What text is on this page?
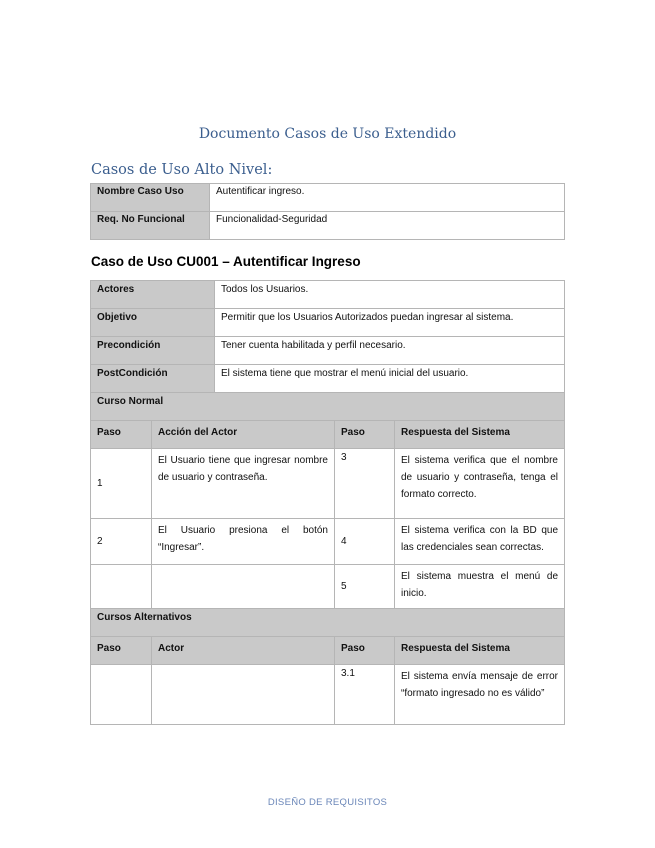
Documento Casos de Uso Extendido
Casos de Uso Alto Nivel:
Nombre Caso Uso	Autentificar ingreso.
Req. No Funcional	Funcionalidad-Seguridad
Caso de Uso CU001 – Autentificar Ingreso
Actores		Todos los Usuarios.		
Objetivo		Permitir que los Usuarios Autorizados puedan ingresar al sistema.		
Precondición		Tener cuenta habilitada y perfil necesario.		
PostCondición		El sistema tiene que mostrar el menú inicial del usuario.		
Curso Normal				
Paso	Acción del Actor		Paso	Respuesta del Sistema
1	El Usuario tiene que ingresar nombre de usuario y contraseña.		3	El sistema verifica que el nombre de usuario y contraseña, tenga el formato correcto.
2	El Usuario presiona el botón “Ingresar”.		4	El sistema verifica con la BD que las credenciales sean correctas.
			5	El sistema muestra el menú de inicio.
Cursos Alternativos				
Paso	Actor		Paso	Respuesta del Sistema
			3.1	El sistema envía mensaje de error “formato ingresado no es válido”
DISEÑO DE REQUISITOS
